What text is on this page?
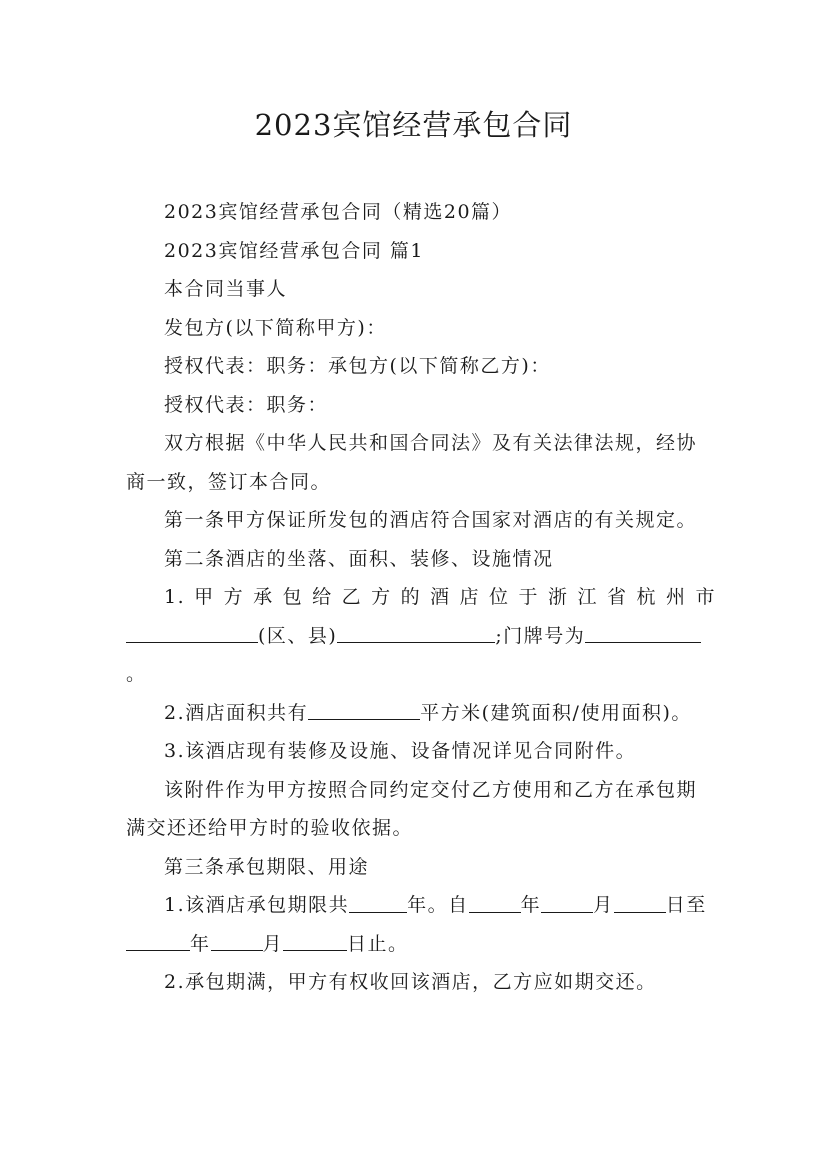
2023宾馆经营承包合同

2023宾馆经营承包合同（精选20篇）

2023宾馆经营承包合同 篇1

本合同当事人

发包方(以下简称甲方)：

授权代表：职务：承包方(以下简称乙方)：

授权代表：职务：

双方根据《中华人民共和国合同法》及有关法律法规，经协商一致，签订本合同。

第一条甲方保证所发包的酒店符合国家对酒店的有关规定。

第二条酒店的坐落、面积、装修、设施情况

1.甲方承包给乙方的酒店位于浙江省杭州市

(区、县)	;门牌号为。

2.酒店面积共有	平方米(建筑面积/使用面积)。

3.该酒店现有装修及设施、设备情况详见合同附件。

该附件作为甲方按照合同约定交付乙方使用和乙方在承包期满交还还给甲方时的验收依据。

第三条承包期限、用途

1.该酒店承包期限共	年。自	年	月	日至年	月	日止。

2.承包期满，甲方有权收回该酒店，乙方应如期交还。
